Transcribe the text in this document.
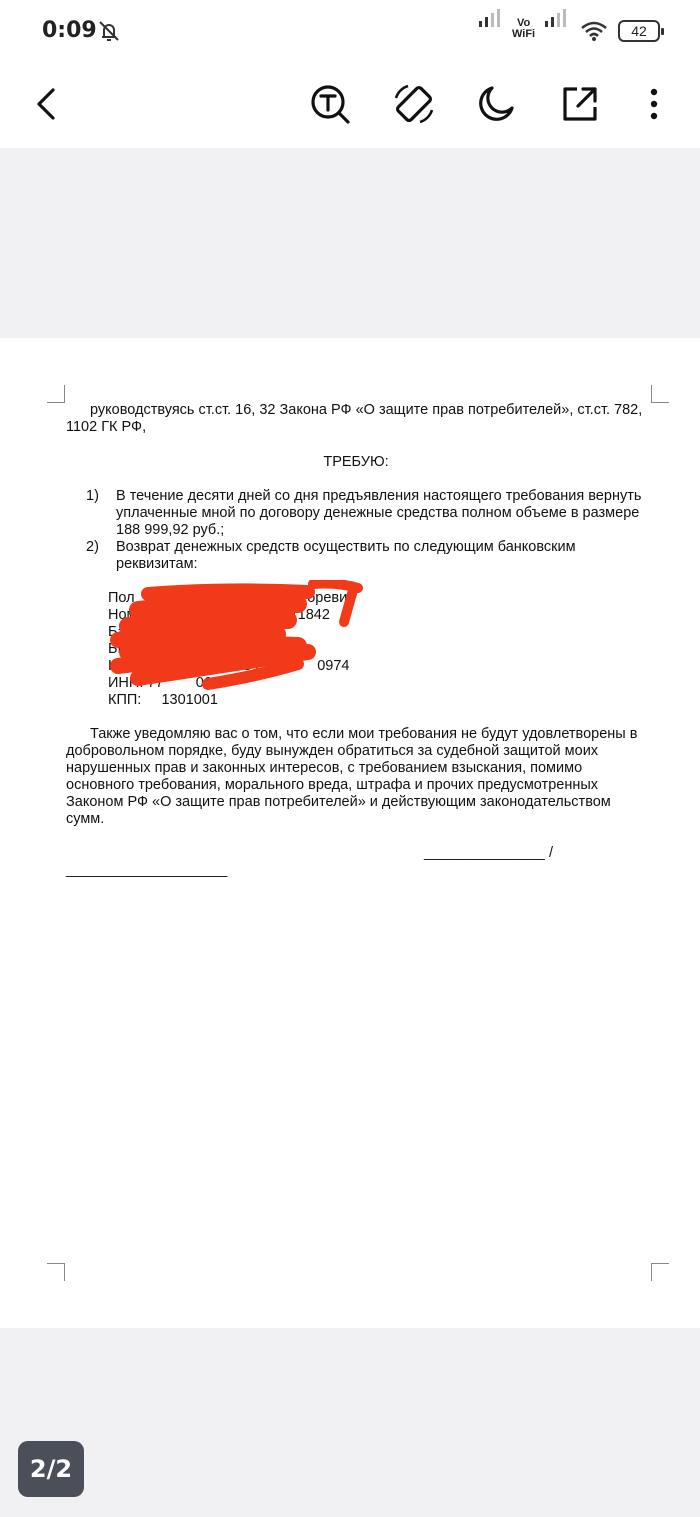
0:09	Vo
WiFi	42

руководствуясь ст.ст. 16, 32 Закона РФ «О защите прав потребителей», ст.ст. 782, 1102 ГК РФ,

ТРЕБУЮ:

1)	В течение десяти дней со дня предъявления настоящего требования вернуть уплаченные мной по договору денежные средства полном объеме в размере 188 999,92 руб.;
2)	Возврат денежных средств осуществить по следующим банковским реквизитам:
Пол                                  ии Игоревич
Номер                                671842
Банк пол
БИК: 0
Кор                         ТО1              0974
ИНН: 77        0679
КПП:     1301001

Также уведомляю вас о том, что если мои требования не будут удовлетворены в добровольном порядке, буду вынужден обратиться за судебной защитой моих нарушенных прав и законных интересов, с требованием взыскания, помимо основного требования, морального вреда, штрафа и прочих предусмотренных Законом РФ «О защите прав потребителей» и действующим законодательством сумм.

_______________ /
____________________
2/2
